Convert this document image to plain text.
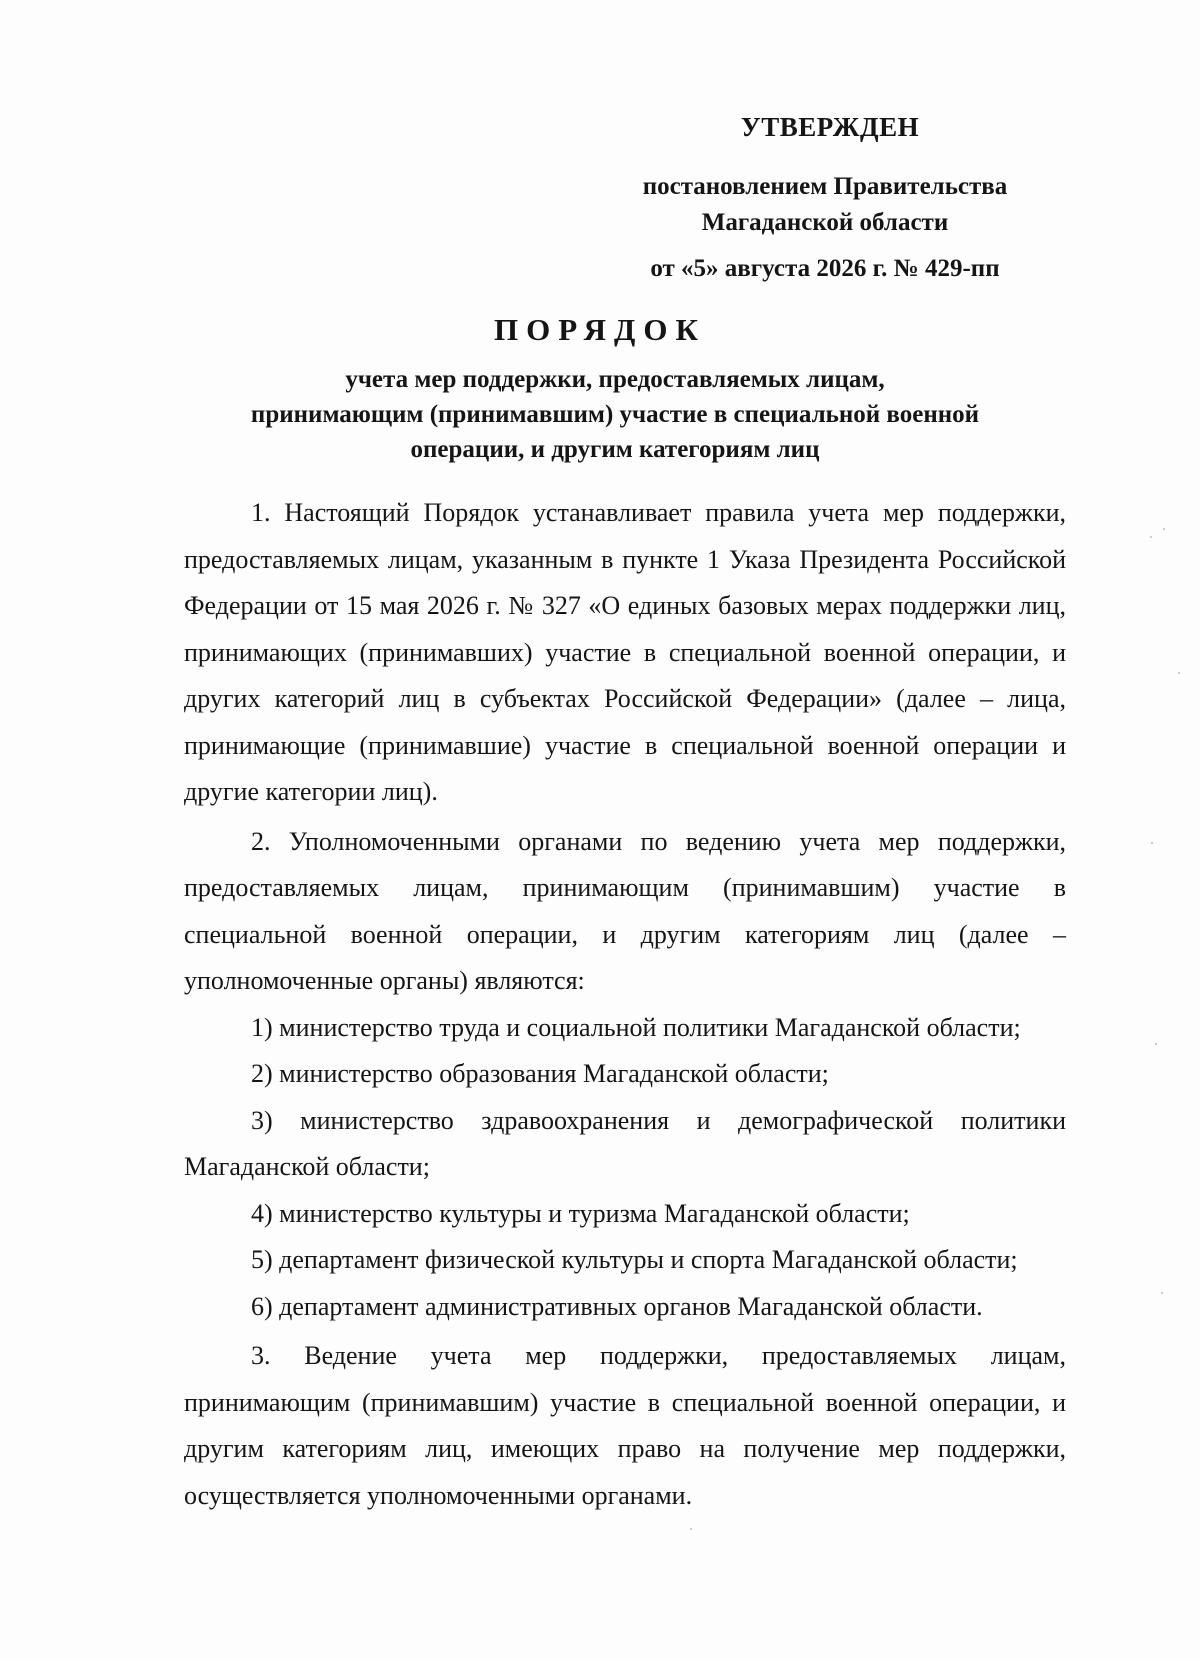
УТВЕРЖДЕН
постановлением Правительства
Магаданской области
от «5» августа 2026 г. № 429-пп
ПОРЯДОК
учета мер поддержки, предоставляемых лицам,
принимающим (принимавшим) участие в специальной военной
операции, и другим категориям лиц

1. Настоящий Порядок устанавливает правила учета мер поддержки, предоставляемых лицам, указанным в пункте 1 Указа Президента Российской Федерации от 15 мая 2026 г. № 327 «О единых базовых мерах поддержки лиц, принимающих (принимавших) участие в специальной военной операции, и других категорий лиц в субъектах Российской Федерации» (далее – лица, принимающие (принимавшие) участие в специальной военной операции и другие категории лиц).

2. Уполномоченными органами по ведению учета мер поддержки, предоставляемых лицам, принимающим (принимавшим) участие в специальной военной операции, и другим категориям лиц (далее – уполномоченные органы) являются:

1) министерство труда и социальной политики Магаданской области;

2) министерство образования Магаданской области;

3) министерство здравоохранения и демографической политики Магаданской области;

4) министерство культуры и туризма Магаданской области;

5) департамент физической культуры и спорта Магаданской области;

6) департамент административных органов Магаданской области.

3. Ведение учета мер поддержки, предоставляемых лицам, принимающим (принимавшим) участие в специальной военной операции, и другим категориям лиц, имеющих право на получение мер поддержки, осуществляется уполномоченными органами.
